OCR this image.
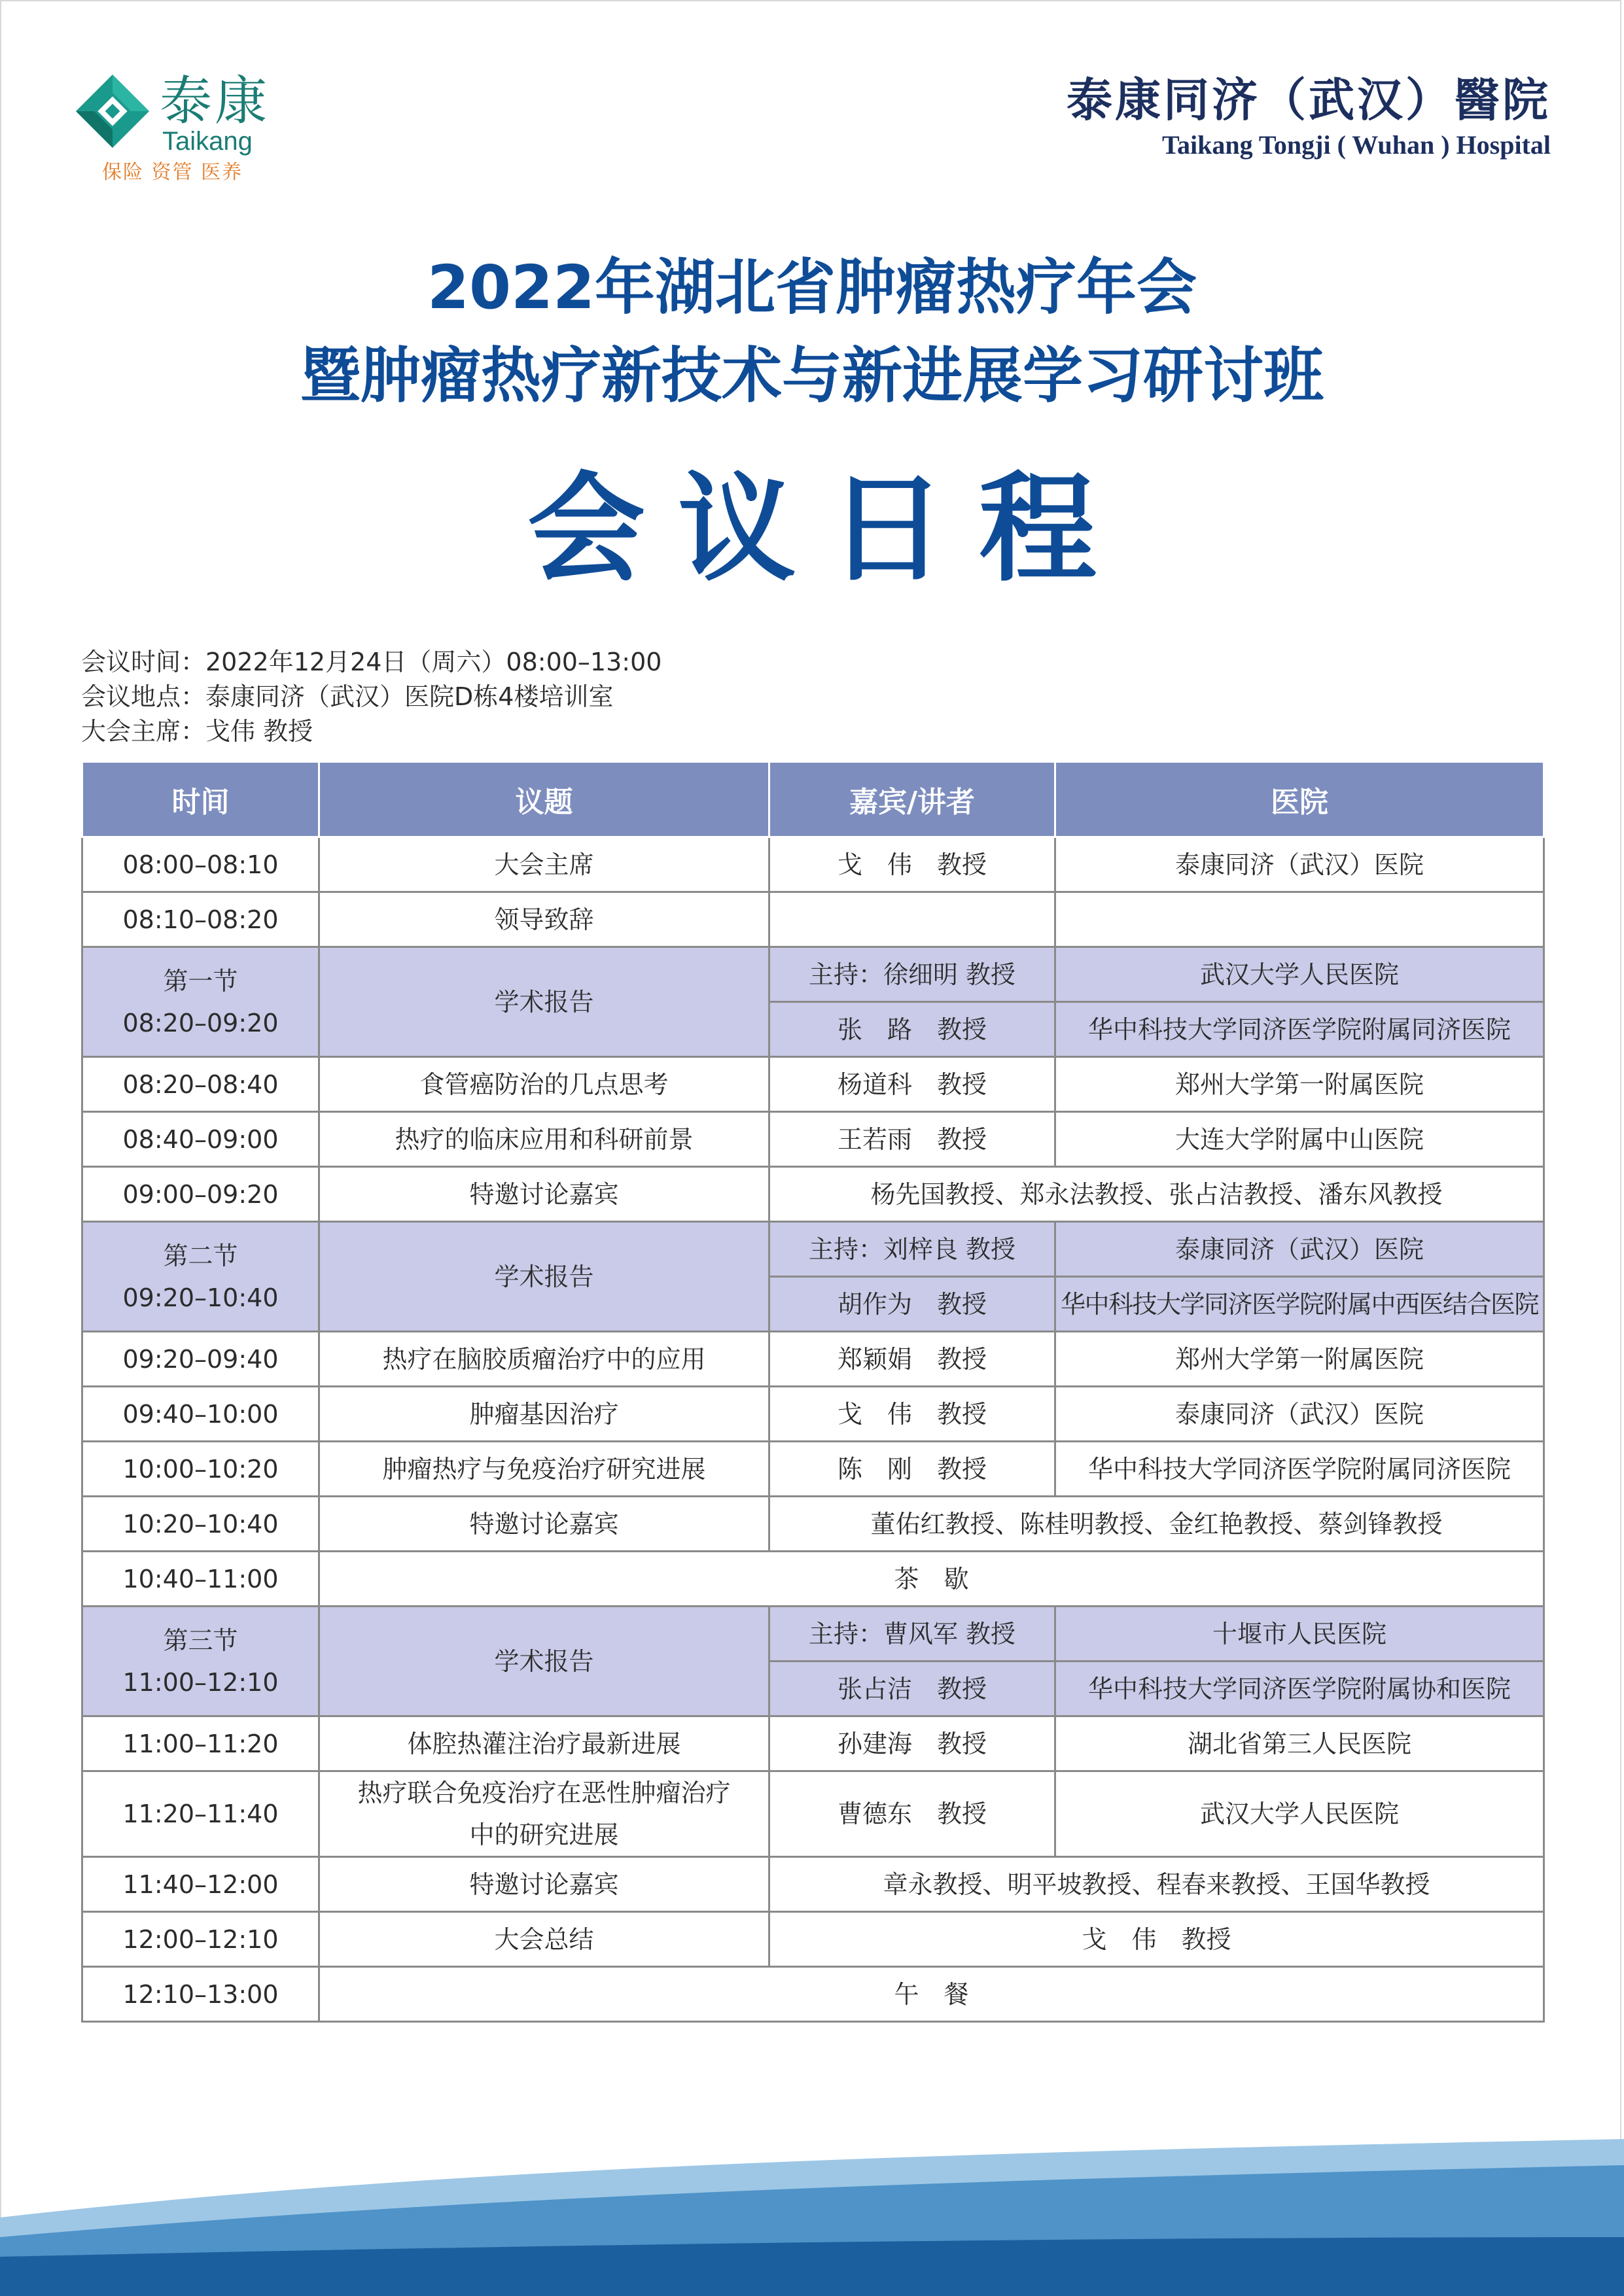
泰康
Taikang
保险 资管 医养
泰康同济（武汉）醫院
Taikang Tongji ( Wuhan ) Hospital
2022年湖北省肿瘤热疗年会
暨肿瘤热疗新技术与新进展学习研讨班
会议日程
会议时间：2022年12月24日（周六）08:00–13:00
会议地点：泰康同济（武汉）医院D栋4楼培训室
大会主席：戈伟 教授
时间	议题	嘉宾/讲者	医院
08:00–08:10	大会主席	戈　伟　教授	泰康同济（武汉）医院
08:10–08:20	领导致辞		

第一节
08:20–09:20	学术报告	主持：徐细明 教授	武汉大学人民医院
		张　路　教授	华中科技大学同济医学院附属同济医院
08:20–08:40	食管癌防治的几点思考	杨道科　教授	郑州大学第一附属医院
08:40–09:00	热疗的临床应用和科研前景	王若雨　教授	大连大学附属中山医院
09:00–09:20	特邀讨论嘉宾	杨先国教授、郑永法教授、张占洁教授、潘东风教授	

第二节
09:20–10:40	学术报告	主持：刘梓良 教授	泰康同济（武汉）医院
		胡作为　教授	华中科技大学同济医学院附属中西医结合医院
09:20–09:40	热疗在脑胶质瘤治疗中的应用	郑颖娟　教授	郑州大学第一附属医院
09:40–10:00	肿瘤基因治疗	戈　伟　教授	泰康同济（武汉）医院
10:00–10:20	肿瘤热疗与免疫治疗研究进展	陈　刚　教授	华中科技大学同济医学院附属同济医院
10:20–10:40	特邀讨论嘉宾	董佑红教授、陈桂明教授、金红艳教授、蔡剑锋教授	
10:40–11:00	茶　歇		

第三节
11:00–12:10	学术报告	主持：曹风军 教授	十堰市人民医院
		张占洁　教授	华中科技大学同济医学院附属协和医院
11:00–11:20	体腔热灌注治疗最新进展	孙建海　教授	湖北省第三人民医院
11:20–11:40	热疗联合免疫治疗在恶性肿瘤治疗中的研究进展	曹德东　教授	武汉大学人民医院
11:40–12:00	特邀讨论嘉宾	章永教授、明平坡教授、程春来教授、王国华教授	
12:00–12:10	大会总结	戈　伟　教授	
12:10–13:00	午　餐		
